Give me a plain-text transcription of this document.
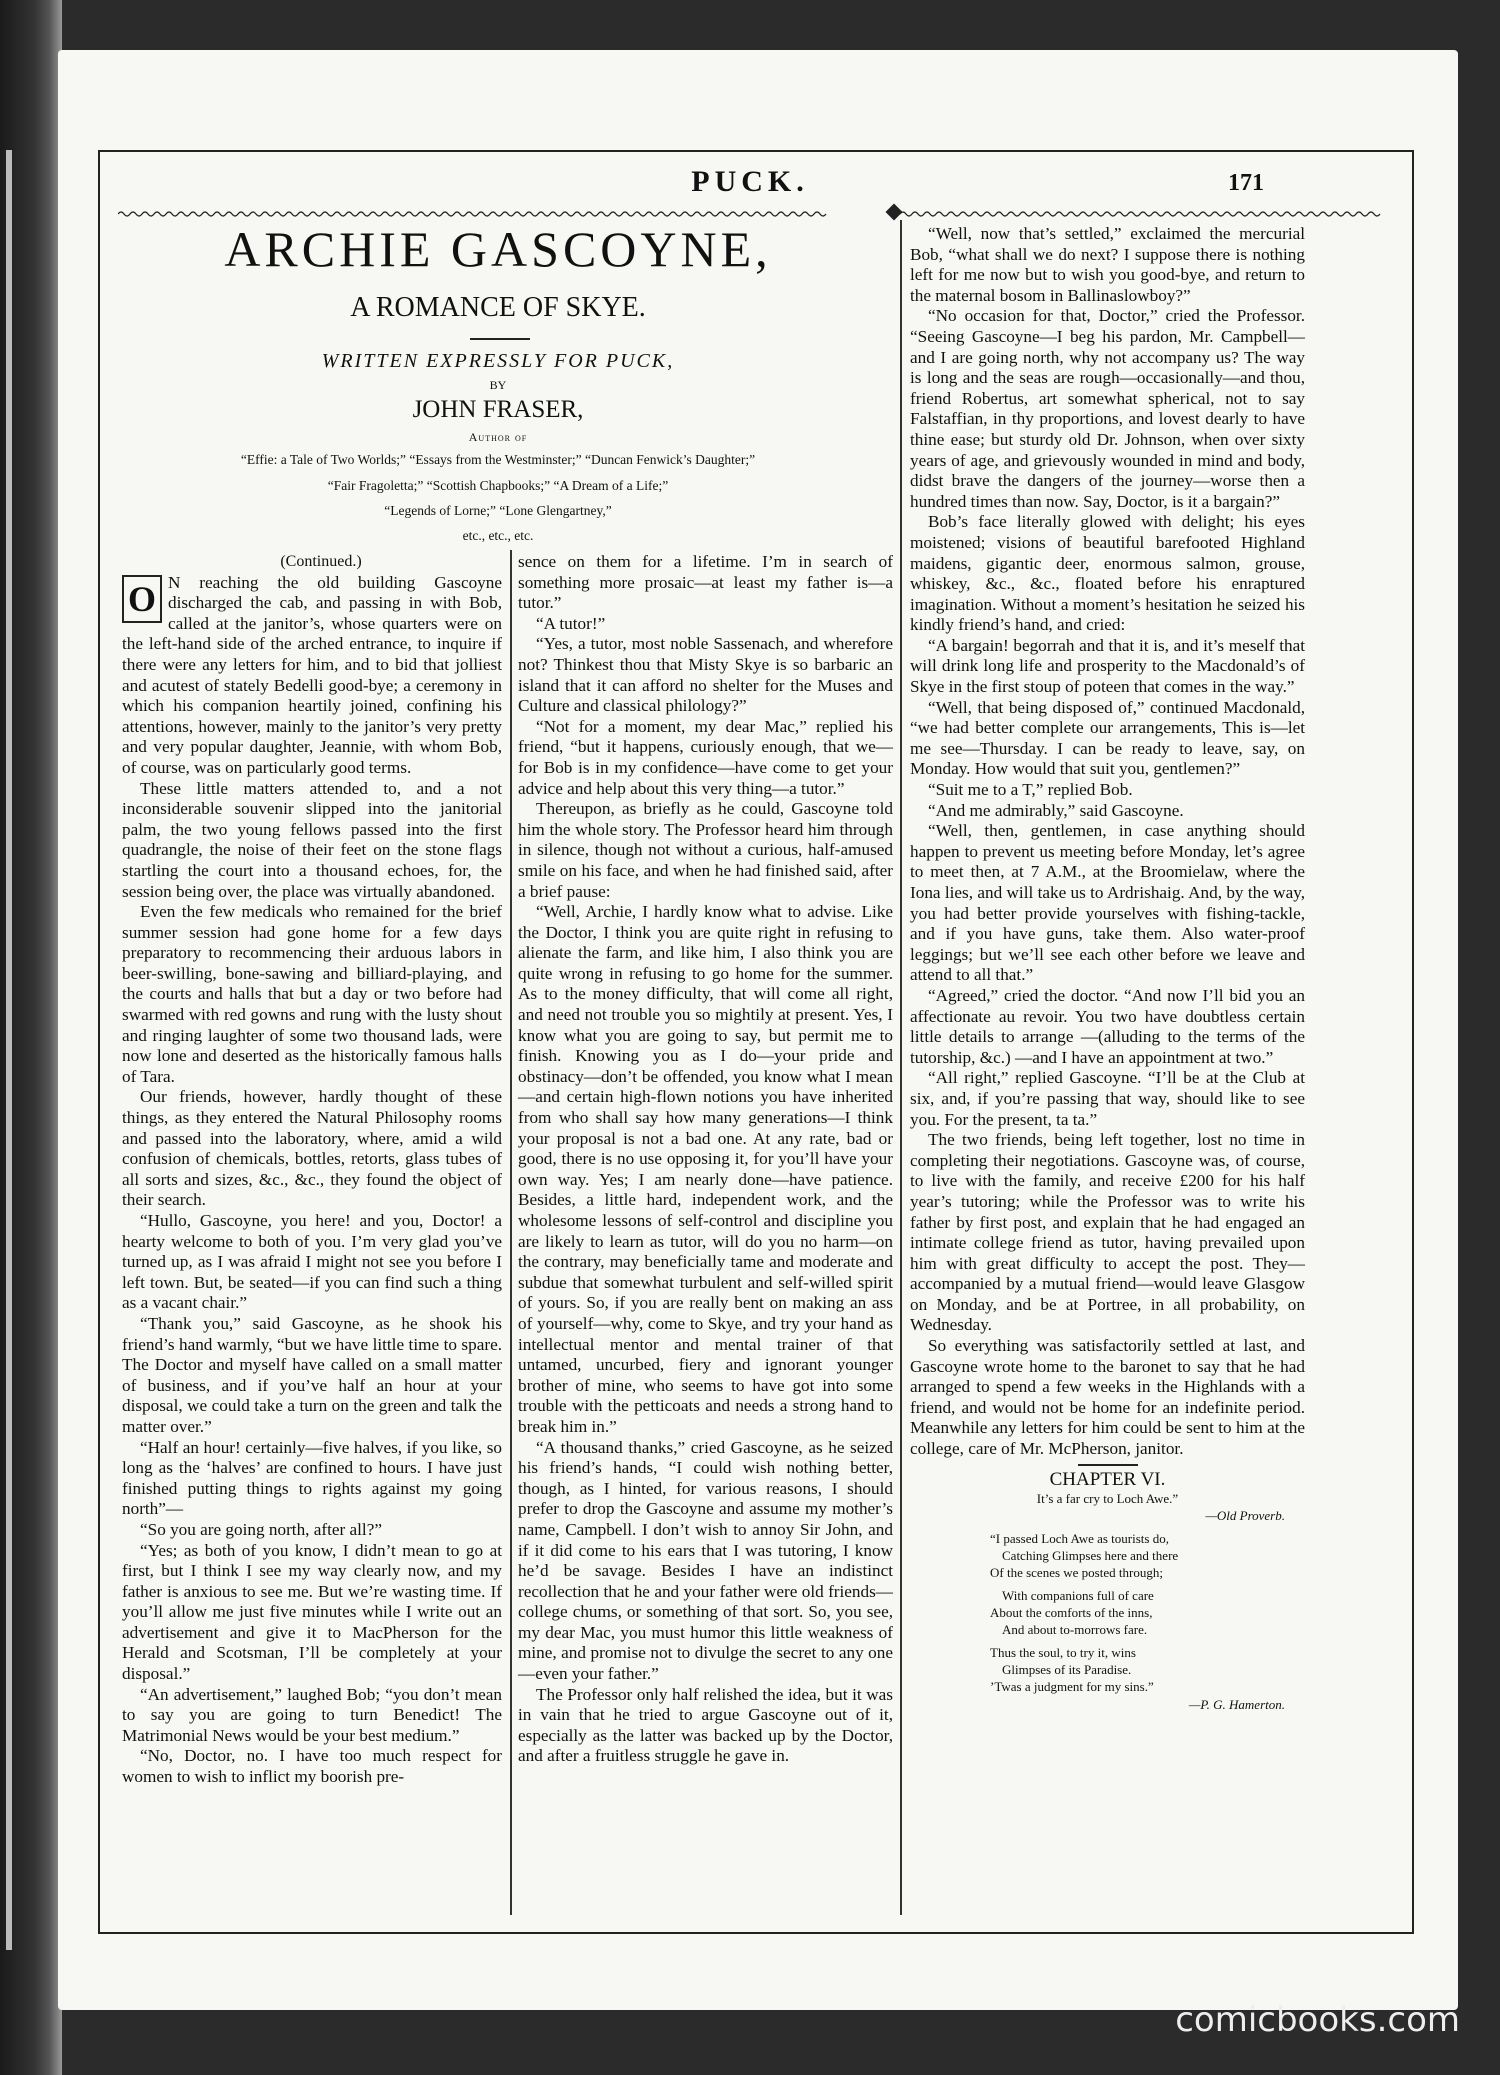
PUCK.	171
ARCHIE GASCOYNE,
A ROMANCE OF SKYE.
WRITTEN EXPRESSLY FOR PUCK,
BY
JOHN FRASER,
Author of
“Effie: a Tale of Two Worlds;” “Essays from the Westminster;” “Duncan Fenwick’s Daughter;”
“Fair Fragoletta;” “Scottish Chapbooks;” “A Dream of a Life;”
“Legends of Lorne;” “Lone Glengartney,”
etc., etc., etc.

(Continued.)

O N reaching the old building Gascoyne discharged the cab, and passing in with Bob, called at the janitor’s, whose quarters were on the left-hand side of the arched entrance, to inquire if there were any letters for him, and to bid that jolliest and acutest of stately Bedelli good-bye; a ceremony in which his companion heartily joined, confining his attentions, however, mainly to the janitor’s very pretty and very popular daughter, Jeannie, with whom Bob, of course, was on particularly good terms.

These little matters attended to, and a not inconsiderable souvenir slipped into the janitorial palm, the two young fellows passed into the first quadrangle, the noise of their feet on the stone flags startling the court into a thousand echoes, for, the session being over, the place was virtually abandoned.

Even the few medicals who remained for the brief summer session had gone home for a few days preparatory to recommencing their arduous labors in beer-swilling, bone-sawing and billiard-playing, and the courts and halls that but a day or two before had swarmed with red gowns and rung with the lusty shout and ringing laughter of some two thousand lads, were now lone and deserted as the historically famous halls of Tara.

Our friends, however, hardly thought of these things, as they entered the Natural Philosophy rooms and passed into the laboratory, where, amid a wild confusion of chemicals, bottles, retorts, glass tubes of all sorts and sizes, &c., &c., they found the object of their search.

“Hullo, Gascoyne, you here! and you, Doctor! a hearty welcome to both of you. I’m very glad you’ve turned up, as I was afraid I might not see you before I left town. But, be seated—if you can find such a thing as a vacant chair.”

“Thank you,” said Gascoyne, as he shook his friend’s hand warmly, “but we have little time to spare. The Doctor and myself have called on a small matter of business, and if you’ve half an hour at your disposal, we could take a turn on the green and talk the matter over.”

“Half an hour! certainly—five halves, if you like, so long as the ‘halves’ are confined to hours. I have just finished putting things to rights against my going north”—

“So you are going north, after all?”

“Yes; as both of you know, I didn’t mean to go at first, but I think I see my way clearly now, and my father is anxious to see me. But we’re wasting time. If you’ll allow me just five minutes while I write out an advertisement and give it to MacPherson for the Herald and Scotsman, I’ll be completely at your disposal.”

“An advertisement,” laughed Bob; “you don’t mean to say you are going to turn Benedict! The Matrimonial News would be your best medium.”

“No, Doctor, no. I have too much respect for women to wish to inflict my boorish pre-

sence on them for a lifetime. I’m in search of something more prosaic—at least my father is—a tutor.”

“A tutor!”

“Yes, a tutor, most noble Sassenach, and wherefore not? Thinkest thou that Misty Skye is so barbaric an island that it can afford no shelter for the Muses and Culture and classical philology?”

“Not for a moment, my dear Mac,” replied his friend, “but it happens, curiously enough, that we—for Bob is in my confidence—have come to get your advice and help about this very thing—a tutor.”

Thereupon, as briefly as he could, Gascoyne told him the whole story. The Professor heard him through in silence, though not without a curious, half-amused smile on his face, and when he had finished said, after a brief pause:

“Well, Archie, I hardly know what to advise. Like the Doctor, I think you are quite right in refusing to alienate the farm, and like him, I also think you are quite wrong in refusing to go home for the summer. As to the money difficulty, that will come all right, and need not trouble you so mightily at present. Yes, I know what you are going to say, but permit me to finish. Knowing you as I do—your pride and obstinacy—don’t be offended, you know what I mean—and certain high-flown notions you have inherited from who shall say how many generations—I think your proposal is not a bad one. At any rate, bad or good, there is no use opposing it, for you’ll have your own way. Yes; I am nearly done—have patience. Besides, a little hard, independent work, and the wholesome lessons of self-control and discipline you are likely to learn as tutor, will do you no harm—on the contrary, may beneficially tame and moderate and subdue that somewhat turbulent and self-willed spirit of yours. So, if you are really bent on making an ass of yourself—why, come to Skye, and try your hand as intellectual mentor and mental trainer of that untamed, uncurbed, fiery and ignorant younger brother of mine, who seems to have got into some trouble with the petticoats and needs a strong hand to break him in.”

“A thousand thanks,” cried Gascoyne, as he seized his friend’s hands, “I could wish nothing better, though, as I hinted, for various reasons, I should prefer to drop the Gascoyne and assume my mother’s name, Campbell. I don’t wish to annoy Sir John, and if it did come to his ears that I was tutoring, I know he’d be savage. Besides I have an indistinct recollection that he and your father were old friends—college chums, or something of that sort. So, you see, my dear Mac, you must humor this little weakness of mine, and promise not to divulge the secret to any one—even your father.”

The Professor only half relished the idea, but it was in vain that he tried to argue Gascoyne out of it, especially as the latter was backed up by the Doctor, and after a fruitless struggle he gave in.

“Well, now that’s settled,” exclaimed the mercurial Bob, “what shall we do next? I suppose there is nothing left for me now but to wish you good-bye, and return to the maternal bosom in Ballinaslowboy?”

“No occasion for that, Doctor,” cried the Professor. “Seeing Gascoyne—I beg his pardon, Mr. Campbell—and I are going north, why not accompany us? The way is long and the seas are rough—occasionally—and thou, friend Robertus, art somewhat spherical, not to say Falstaffian, in thy proportions, and lovest dearly to have thine ease; but sturdy old Dr. Johnson, when over sixty years of age, and grievously wounded in mind and body, didst brave the dangers of the journey—worse then a hundred times than now. Say, Doctor, is it a bargain?”

Bob’s face literally glowed with delight; his eyes moistened; visions of beautiful barefooted Highland maidens, gigantic deer, enormous salmon, grouse, whiskey, &c., &c., floated before his enraptured imagination. Without a moment’s hesitation he seized his kindly friend’s hand, and cried:

“A bargain! begorrah and that it is, and it’s meself that will drink long life and prosperity to the Macdonald’s of Skye in the first stoup of poteen that comes in the way.”

“Well, that being disposed of,” continued Macdonald, “we had better complete our arrangements, This is—let me see—Thursday. I can be ready to leave, say, on Monday. How would that suit you, gentlemen?”

“Suit me to a T,” replied Bob.

“And me admirably,” said Gascoyne.

“Well, then, gentlemen, in case anything should happen to prevent us meeting before Monday, let’s agree to meet then, at 7 A.M., at the Broomielaw, where the Iona lies, and will take us to Ardrishaig. And, by the way, you had better provide yourselves with fishing-tackle, and if you have guns, take them. Also water-proof leggings; but we’ll see each other before we leave and attend to all that.”

“Agreed,” cried the doctor. “And now I’ll bid you an affectionate au revoir. You two have doubtless certain little details to arrange —(alluding to the terms of the tutorship, &c.) —and I have an appointment at two.”

“All right,” replied Gascoyne. “I’ll be at the Club at six, and, if you’re passing that way, should like to see you. For the present, ta ta.”

The two friends, being left together, lost no time in completing their negotiations. Gascoyne was, of course, to live with the family, and receive £200 for his half year’s tutoring; while the Professor was to write his father by first post, and explain that he had engaged an intimate college friend as tutor, having prevailed upon him with great difficulty to accept the post. They—accompanied by a mutual friend—would leave Glasgow on Monday, and be at Portree, in all probability, on Wednesday.

So everything was satisfactorily settled at last, and Gascoyne wrote home to the baronet to say that he had arranged to spend a few weeks in the Highlands with a friend, and would not be home for an indefinite period. Meanwhile any letters for him could be sent to him at the college, care of Mr. McPherson, janitor.

CHAPTER VI.
It’s a far cry to Loch Awe.”
—Old Proverb.
“I passed Loch Awe as tourists do,
Catching Glimpses here and there
Of the scenes we posted through;
With companions full of care
About the comforts of the inns,
And about to-morrows fare.
Thus the soul, to try it, wins
Glimpses of its Paradise.
’Twas a judgment for my sins.”
—P. G. Hamerton.
comicbooks.com
